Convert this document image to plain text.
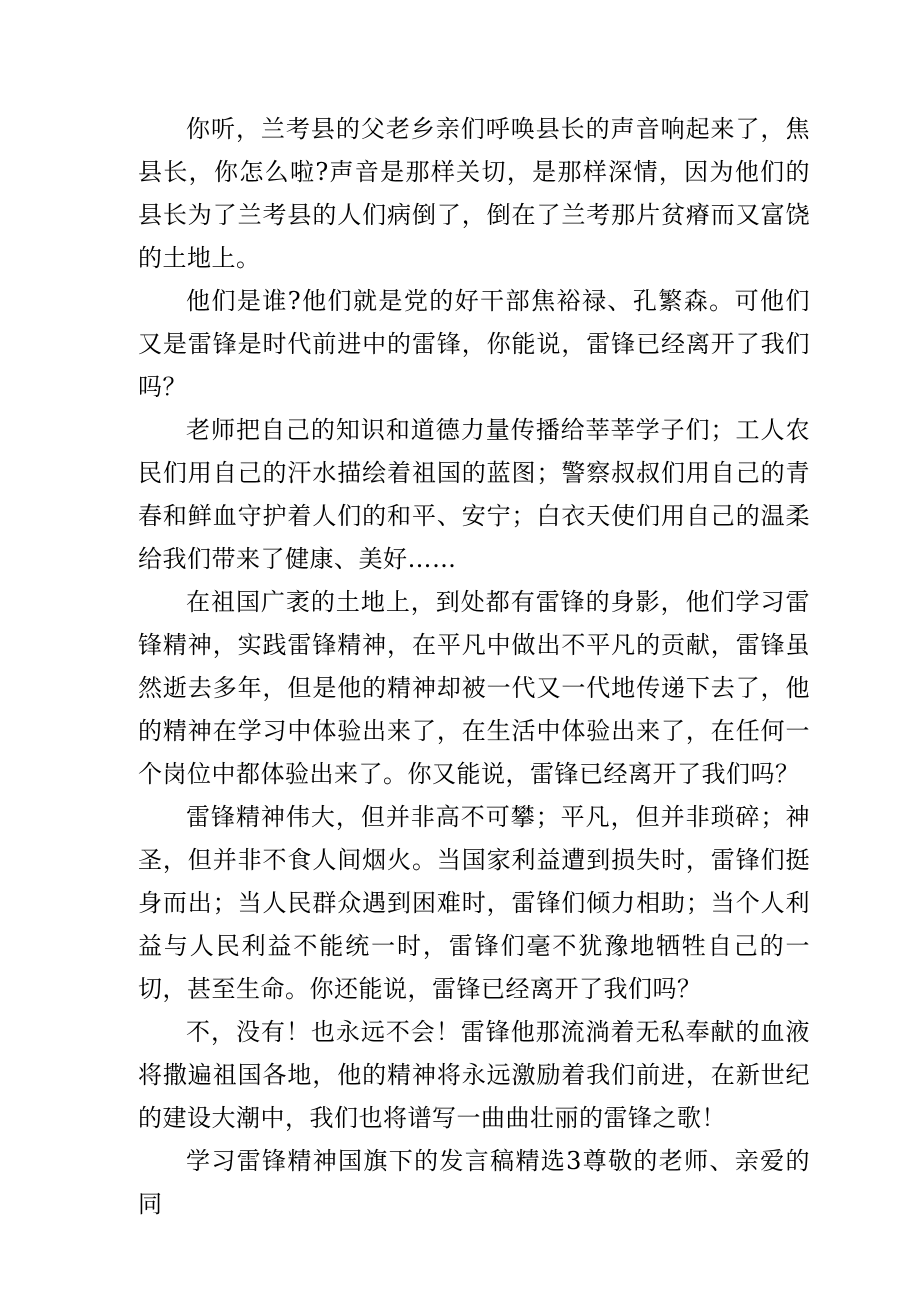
你听，兰考县的父老乡亲们呼唤县长的声音响起来了，焦县长，你怎么啦?声音是那样关切，是那样深情，因为他们的县长为了兰考县的人们病倒了，倒在了兰考那片贫瘠而又富饶的土地上。

他们是谁?他们就是党的好干部焦裕禄、孔繁森。可他们又是雷锋是时代前进中的雷锋，你能说，雷锋已经离开了我们吗？

老师把自己的知识和道德力量传播给莘莘学子们；工人农民们用自己的汗水描绘着祖国的蓝图；警察叔叔们用自己的青春和鲜血守护着人们的和平、安宁；白衣天使们用自己的温柔给我们带来了健康、美好……

在祖国广袤的土地上，到处都有雷锋的身影，他们学习雷锋精神，实践雷锋精神，在平凡中做出不平凡的贡献，雷锋虽然逝去多年，但是他的精神却被一代又一代地传递下去了，他的精神在学习中体验出来了，在生活中体验出来了，在任何一个岗位中都体验出来了。你又能说，雷锋已经离开了我们吗？

雷锋精神伟大，但并非高不可攀；平凡，但并非琐碎；神圣，但并非不食人间烟火。当国家利益遭到损失时，雷锋们挺身而出；当人民群众遇到困难时，雷锋们倾力相助；当个人利益与人民利益不能统一时，雷锋们毫不犹豫地牺牲自己的一切，甚至生命。你还能说，雷锋已经离开了我们吗？

不，没有！也永远不会！雷锋他那流淌着无私奉献的血液将撒遍祖国各地，他的精神将永远激励着我们前进，在新世纪的建设大潮中，我们也将谱写一曲曲壮丽的雷锋之歌！

学习雷锋精神国旗下的发言稿精选3尊敬的老师、亲爱的同
